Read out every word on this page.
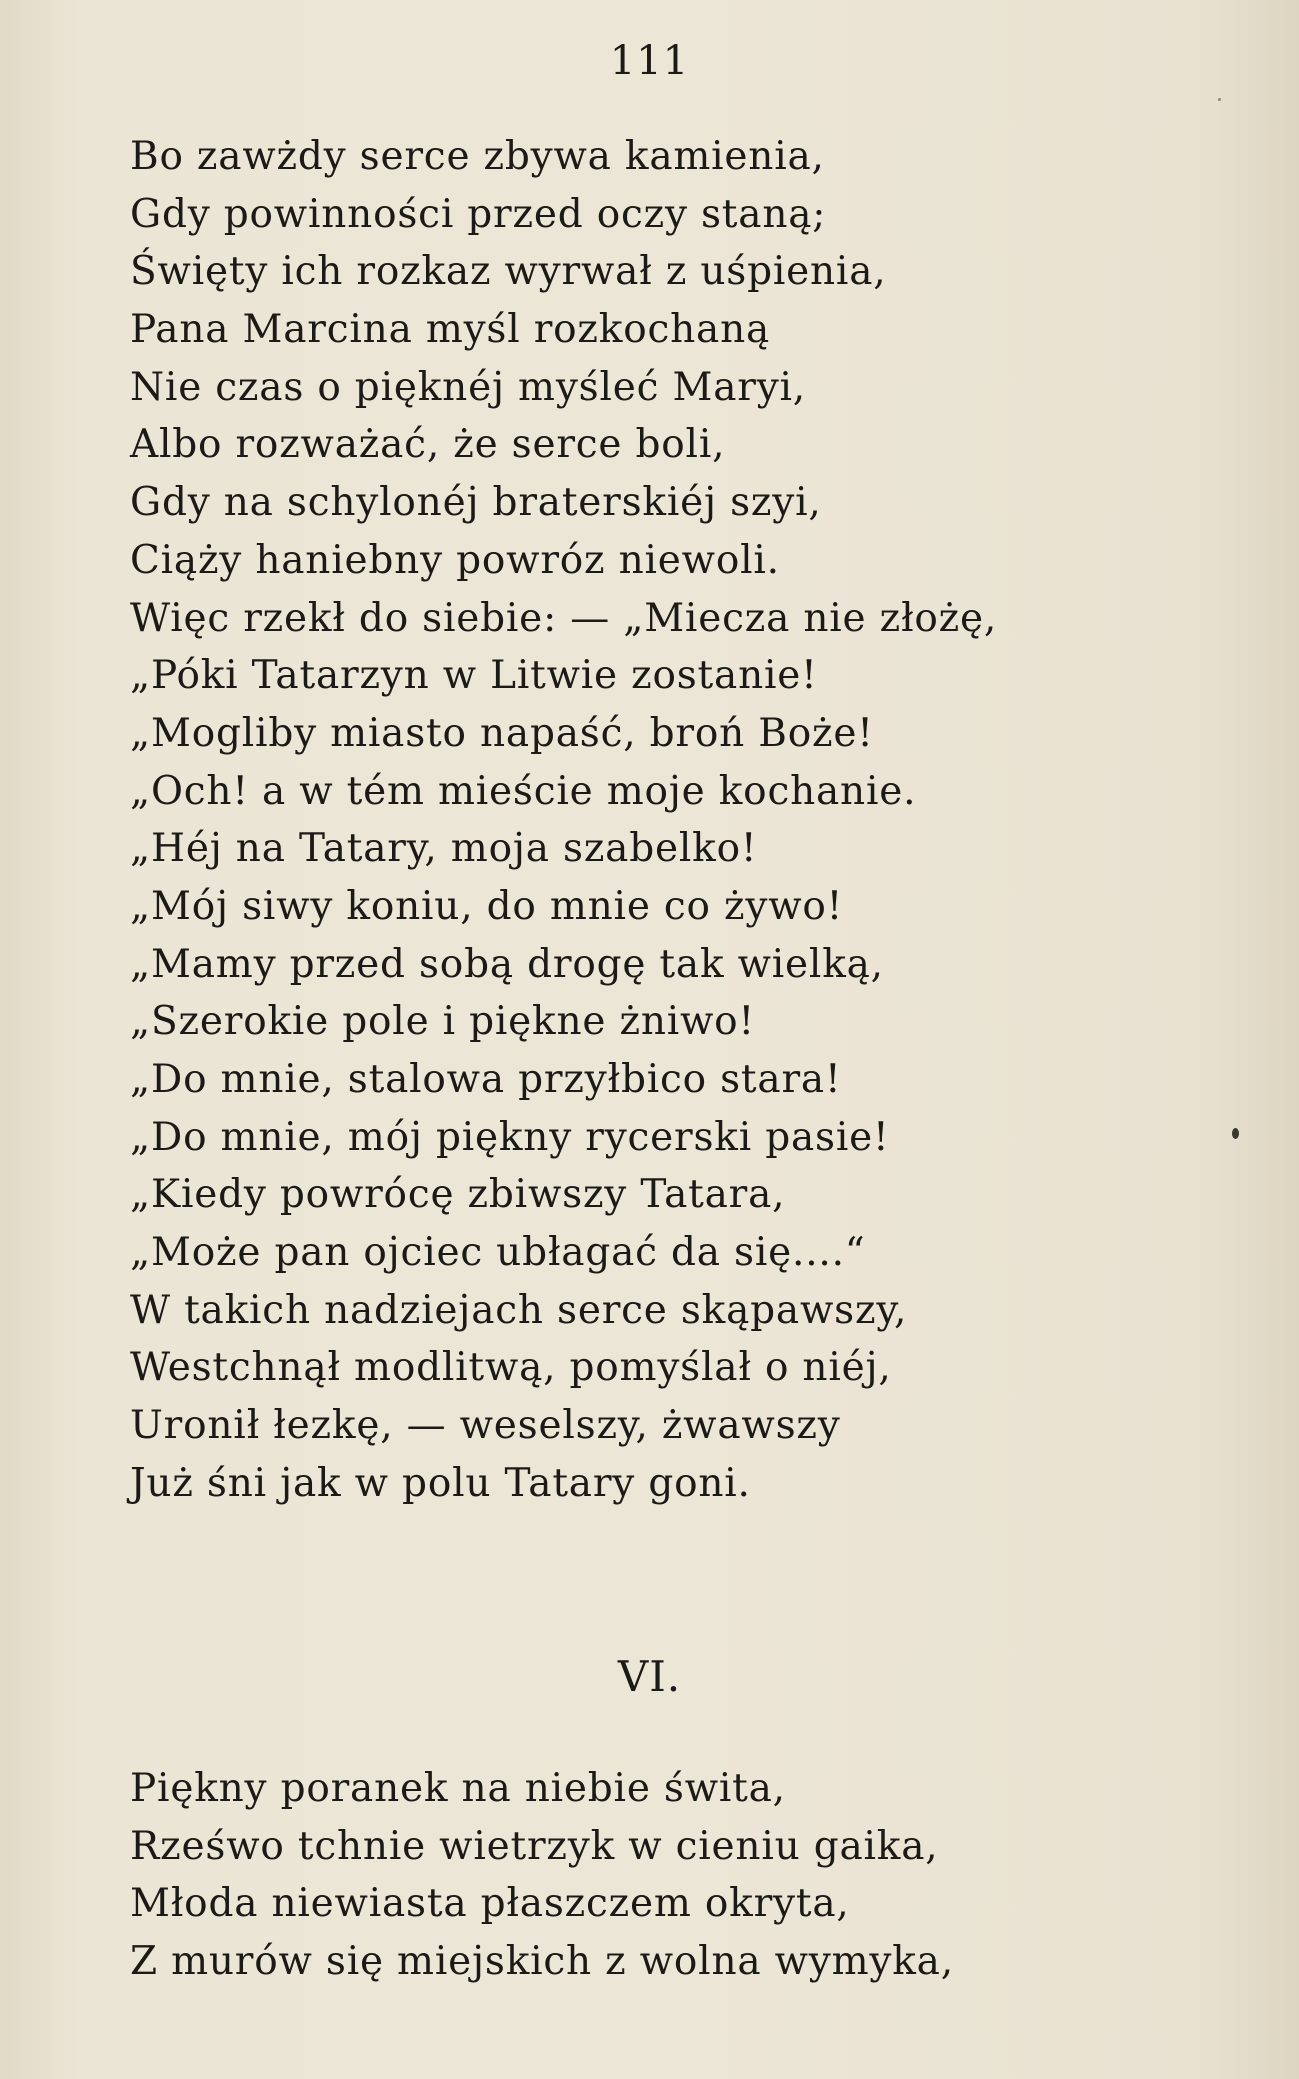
111
Bo zawżdy serce zbywa kamienia,
Gdy powinności przed oczy staną;
Święty ich rozkaz wyrwał z uśpienia,
Pana Marcina myśl rozkochaną
Nie czas o pięknéj myśleć Maryi,
Albo rozważać, że serce boli,
Gdy na schylonéj braterskiéj szyi,
Ciąży haniebny powróz niewoli.
Więc rzekł do siebie: — „Miecza nie złożę,
„Póki Tatarzyn w Litwie zostanie!
„Mogliby miasto napaść, broń Boże!
„Och! a w tém mieście moje kochanie.
„Héj na Tatary, moja szabelko!
„Mój siwy koniu, do mnie co żywo!
„Mamy przed sobą drogę tak wielką,
„Szerokie pole i piękne żniwo!
„Do mnie, stalowa przyłbico stara!
„Do mnie, mój piękny rycerski pasie!
„Kiedy powrócę zbiwszy Tatara,
„Może pan ojciec ubłagać da się....“
W takich nadziejach serce skąpawszy,
Westchnął modlitwą, pomyślał o niéj,
Uronił łezkę, — weselszy, żwawszy
Już śni jak w polu Tatary goni.
VI.
Piękny poranek na niebie świta,
Rześwo tchnie wietrzyk w cieniu gaika,
Młoda niewiasta płaszczem okryta,
Z murów się miejskich z wolna wymyka,
